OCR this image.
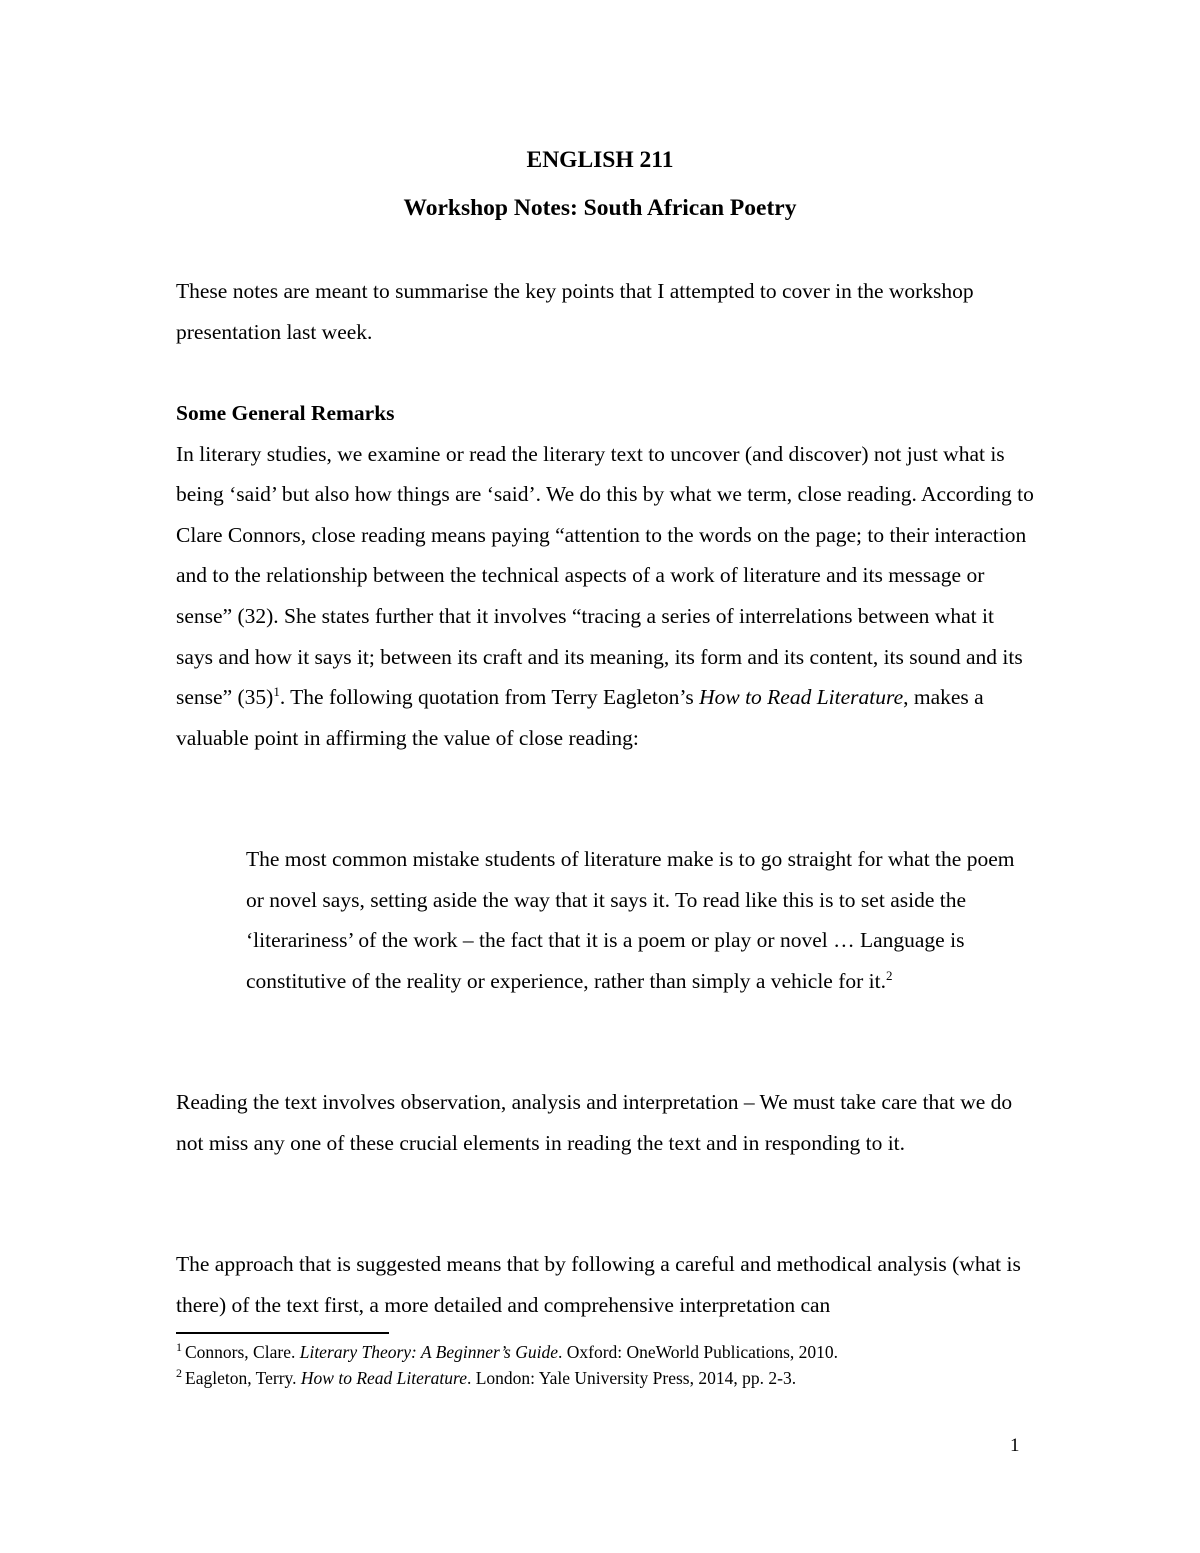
ENGLISH 211
Workshop Notes: South African Poetry

These notes are meant to summarise the key points that I attempted to cover in the workshop presentation last week.

Some General Remarks
In literary studies, we examine or read the literary text to uncover (and discover) not just what is being ‘said’ but also how things are ‘said’. We do this by what we term, close reading. According to Clare Connors, close reading means paying “attention to the words on the page; to their interaction and to the relationship between the technical aspects of a work of literature and its message or sense” (32). She states further that it involves “tracing a series of interrelations between what it says and how it says it; between its craft and its meaning, its form and its content, its sound and its sense” $(35)^1$. The following quotation from Terry Eagleton’s How to Read Literature, makes a valuable point in affirming the value of close reading:

The most common mistake students of literature make is to go straight for what the poem or novel says, setting aside the way that it says it. To read like this is to set aside the ‘literariness’ of the work – the fact that it is a poem or play or novel … Language is constitutive of the reality or experience, rather than simply a vehicle for it.$^2$

Reading the text involves observation, analysis and interpretation – We must take care that we do not miss any one of these crucial elements in reading the text and in responding to it.

The approach that is suggested means that by following a careful and methodical analysis (what is there) of the text first, a more detailed and comprehensive interpretation can

$^1$ Connors, Clare. Literary Theory: A Beginner’s Guide. Oxford: OneWorld Publications, 2010.
$^2$ Eagleton, Terry. How to Read Literature. London: Yale University Press, 2014, pp. 2-3.
1
